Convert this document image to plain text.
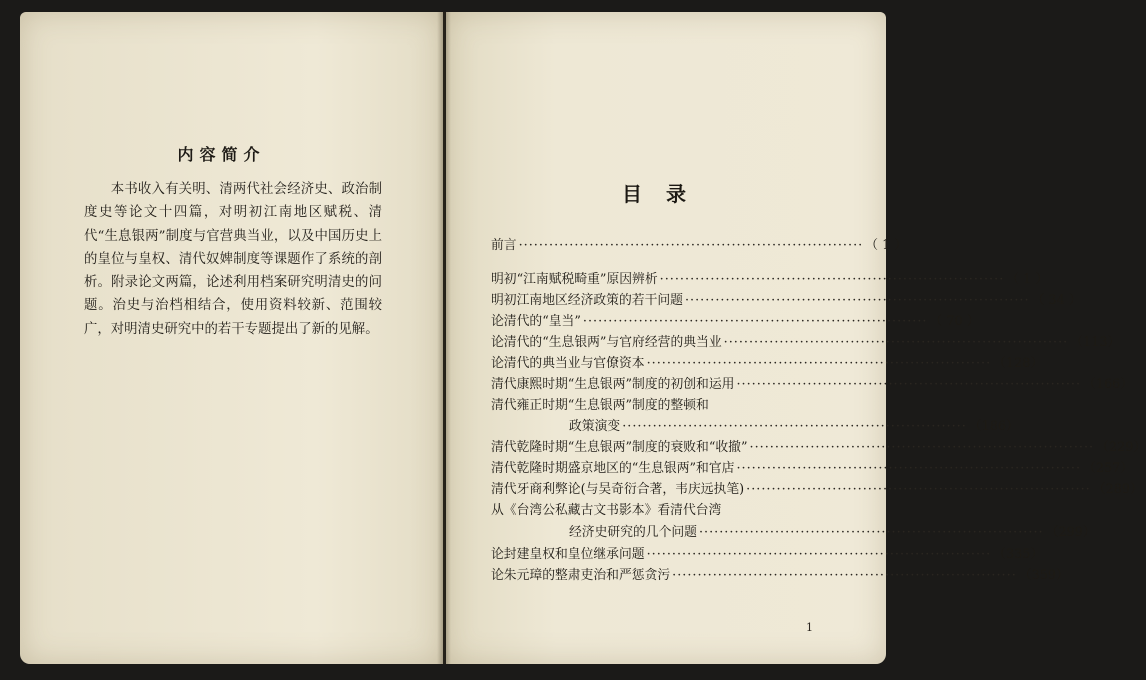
内容简介

本书收入有关明、清两代社会经济史、政治制度史等论文十四篇，对明初江南地区赋税、清代“生息银两”制度与官营典当业，以及中国历史上的皇位与皇权、清代奴婢制度等课题作了系统的剖析。附录论文两篇，论述利用档案研究明清史的问题。治史与治档相结合，使用资料较新、范围较广，对明清史研究中的若干专题提出了新的见解。

目录
前言 ···································································· （ 1 ）
明初“江南赋税畸重”原因辨析 ···································································· （ 1 ）
明初江南地区经济政策的若干问题 ···································································· （ 34 ）
论清代的“皇当” ···································································· （ 70 ）
论清代的“生息银两”与官府经营的典当业 ···································································· （113）
论清代的典当业与官僚资本 ···································································· （128）
清代康熙时期“生息银两”制度的初创和运用 ···································································· （166）
清代雍正时期“生息银两”制度的整顿和
政策演变 ···································································· （186）
清代乾隆时期“生息银两”制度的衰败和“收撤” ···································································· （229）
清代乾隆时期盛京地区的“生息银两”和官店 ···································································· （257）
清代牙商利弊论(与吴奇衍合著，韦庆远执笔) ···································································· （289）
从《台湾公私藏古文书影本》看清代台湾
经济史研究的几个问题 ···································································· （299）
论封建皇权和皇位继承问题 ···································································· （335）
论朱元璋的整肃吏治和严惩贪污 ···································································· （359）
1
